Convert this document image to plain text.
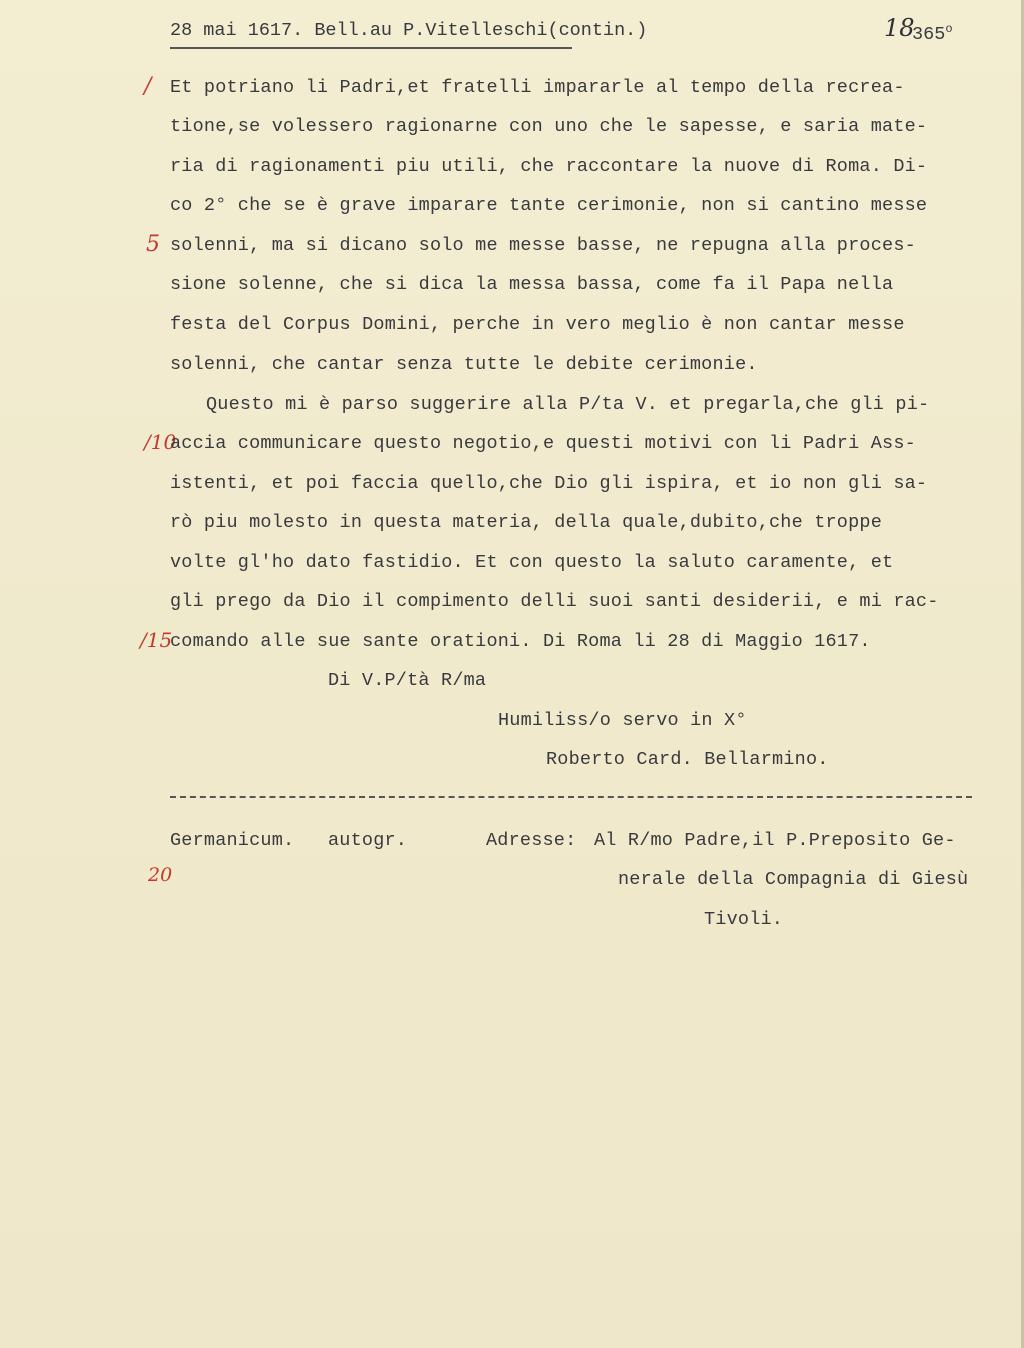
28 mai 1617. Bell.au P.Vitelleschi(contin.)	18
365$^o$
/
5
/10
/15
20
Et potriano li Padri,et fratelli impararle al tempo della recrea-
tione,se volessero ragionarne con uno che le sapesse, e saria mate-
ria di ragionamenti piu utili, che raccontare la nuove di Roma. Di-
co 2° che se è grave imparare tante cerimonie, non si cantino messe
solenni, ma si dicano solo me messe basse, ne repugna alla proces-
sione solenne, che si dica la messa bassa, come fa il Papa nella
festa del Corpus Domini, perche in vero meglio è non cantar messe
solenni, che cantar senza tutte le debite cerimonie.
Questo mi è parso suggerire alla P/ta V. et pregarla,che gli pi-
accia communicare questo negotio,e questi motivi con li Padri Ass-
istenti, et poi faccia quello,che Dio gli ispira, et io non gli sa-
rò piu molesto in questa materia, della quale,dubito,che troppe
volte gl'ho dato fastidio. Et con questo la saluto caramente, et
gli prego da Dio il compimento delli suoi santi desiderii, e mi rac-
comando alle sue sante orationi. Di Roma li 28 di Maggio 1617.
Di V.P/tà R/ma
Humiliss/o servo in X°
Roberto Card. Bellarmino.
Germanicum. autogr.	Adresse: Al R/mo Padre,il P.Preposito Ge-
nerale della Compagnia di Giesù
Tivoli.
